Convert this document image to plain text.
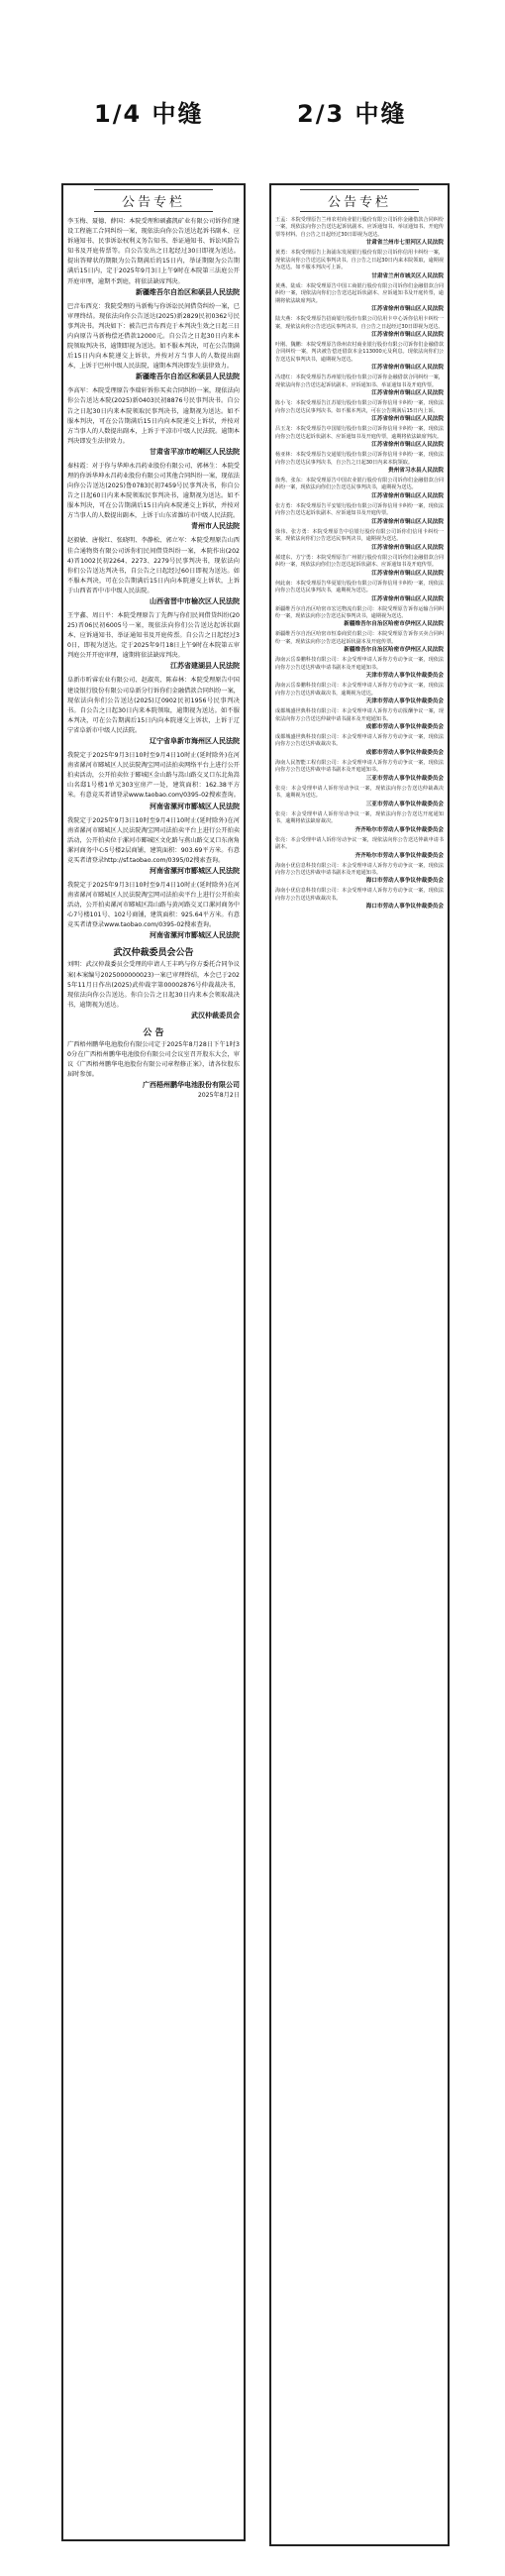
1/4 中缝	2/3 中缝
公告专栏
李玉梅、聂德、薛国：本院受理和硕鑫凯矿业有限公司诉你们建设工程施工合同纠纷一案，现依法向你公告送达起诉书副本、应诉通知书、民事诉讼权利义务告知书、举证通知书、诉讼风险告知书及开庭传票等。自公告发出之日起经过30日即视为送达。提出答辩状的期限为公告期满后的15日内，举证期限为公告期满后15日内，定于2025年9月3日上午9时在本院第三法庭公开开庭审理，逾期不到庭，将依法缺席判决。
新疆维吾尔自治区和硕县人民法院
巴音布西克：我院受理的马新梅与你诉讼民间借贷纠纷一案，已审理终结。现依法向你公告送达(2025)新2829民初0362号民事判决书。判决如下：被告巴音布西克于本判决生效之日起三日内向原告马新梅偿还借款12000元。自公告之日起30日内来本院领取判决书，逾期即视为送达。如不服本判决，可在公告期满后15日内向本院递交上诉状，并按对方当事人的人数提出副本，上诉于巴州中级人民法院，逾期本判决即发生法律效力。
新疆维吾尔自治区和硕县人民法院
李高军：本院受理原告李瑞轩诉你买卖合同纠纷一案，现依法向你公告送达本院(2025)新0403民初8876号民事判决书。自公告之日起30日内来本院领取民事判决书，逾期视为送达。如不服本判决，可在公告期满后15日内向本院递交上诉状，并按对方当事人的人数提出副本，上诉于平凉市中级人民法院。逾期本判决即发生法律效力。
甘肃省平凉市崆峒区人民法院
秦桂霞：对于你与华坤永昌药业股份有限公司、郭林生：本院受理的你诉华坤永昌药业股份有限公司其他合同纠纷一案，现依法向你公告送达(2025)鲁0783民初7459号民事判决书，你自公告之日起60日内来本院领取民事判决书，逾期视为送达。如不服本判决，可在公告期满后15日内向本院递交上诉状，并按对方当事人的人数提出副本，上诉于山东省潍坊市中级人民法院。
青州市人民法院
赵毅敏、唐俊红、张晓明、李静松、郭立军：本院受理原告山西佳合通物资有限公司诉你们民间借贷纠纷一案，本院作出(2024)晋1002民初2264、2273、2279号民事判决书，现依法向你们公告送达判决书，自公告之日起经过60日即视为送达。如不服本判决，可在公告期满后15日内向本院递交上诉状，上诉于山西省晋中市中级人民法院。
山西省晋中市榆次区人民法院
王宇鑫、周日平：本院受理原告丁先辉与你们民间借贷纠纷(2025)晋06民初6005号一案，现依法向你们公告送达起诉状副本、应诉通知书、举证通知书及开庭传票。自公告之日起经过30日，即视为送达。定于2025年9月18日上午9时在本院第五审判庭公开开庭审理，逾期将依法缺席判决。
江苏省建湖县人民法院
阜新市昕睿农业有限公司、赵淑英、陈春林：本院受理原告中国建设银行股份有限公司阜新分行诉你们金融借款合同纠纷一案，现依法向你们公告送达(2025)辽0902民初1956号民事判决书。自公告之日起30日内来本院领取，逾期视为送达。如不服本判决，可在公告期满后15日内向本院递交上诉状，上诉于辽宁省阜新市中级人民法院。
辽宁省阜新市海州区人民法院
我院定于2025年9月3日10时至9月4日10时止(延时除外)在河南省漯河市郾城区人民法院淘宝网司法拍卖网络平台上进行公开拍卖活动，公开拍卖位于郾城区金山路与嵩山路交叉口东北角嵩山名邸1号楼1单元303室房产一处，建筑面积：162.38平方米。有意竞买者请登录www.taobao.com/0395-02搜索查询。
河南省漯河市郾城区人民法院
我院定于2025年9月3日10时至9月4日10时止(延时除外)在河南省漯河市郾城区人民法院淘宝网司法拍卖平台上进行公开拍卖活动，公开拍卖位于漯河市郾城区文化路与燕山路交叉口东南角漯河商务中心5号楼2层商铺，建筑面积：903.69平方米。有意竞买者请登录http://sf.taobao.com/0395/02搜索查询。
河南省漯河市郾城区人民法院
我院定于2025年9月3日10时至9月4日10时止(延时除外)在河南省漯河市郾城区人民法院淘宝网司法拍卖平台上进行公开拍卖活动，公开拍卖漯河市郾城区嵩山路与黄河路交叉口漯河商务中心7号楼101号、102号商铺，建筑面积：925.64平方米。有意竞买者请登录www.taobao.com/0395-02搜索查询。
河南省漯河市郾城区人民法院
武汉仲裁委员会公告
刘明：武汉仲裁委员会受理的申请人王丰鸣与你方委托合同争议案(本案编号2025000000023)一案已审理终结，本会已于2025年11月日作出(2025)武仲裁字第00002876号仲裁裁决书，现依法向你公告送达。你自公告之日起30日内来本会领取裁决书，逾期视为送达。
武汉仲裁委员会
公 告
广西梧州鹏华电池股份有限公司定于2025年8月28日下午1时30分在广西梧州鹏华电池股份有限公司会议室召开股东大会，审议《广西梧州鹏华电池股份有限公司章程修正案》，请各位股东届时参加。
广西梧州鹏华电池股份有限公司
2025年8月2日
公告专栏
王孟：本院受理原告兰州农村商业银行股份有限公司诉你金融借款合同纠纷一案，现依法向你公告送达起诉状副本、应诉通知书、举证通知书、开庭传票等材料。自公告之日起经过30日即视为送达。
甘肃省兰州市七里河区人民法院
黄勇：本院受理原告上海浦东发展银行股份有限公司诉你信用卡纠纷一案，现依法向你公告送达民事判决书。自公告之日起30日内来本院领取，逾期视为送达。如不服本判决可上诉。
甘肃省兰州市城关区人民法院
黄燕、陆成：本院受理原告中国工商银行股份有限公司诉你们金融借款合同纠纷一案，现依法向你们公告送达起诉状副本、应诉通知书及开庭传票，逾期将依法缺席判决。
江苏省徐州市铜山区人民法院
陆夫燕：本院受理原告招商银行股份有限公司信用卡中心诉你信用卡纠纷一案，现依法向你公告送达民事判决书，自公告之日起经过30日即视为送达。
江苏省徐州市铜山区人民法院
叶刚、魏鹏：本院受理原告徐州农村商业银行股份有限公司诉你们金融借款合同纠纷一案，判决被告偿还借款本金113000元及利息。现依法向你们公告送达民事判决书，逾期视为送达。
江苏省徐州市铜山区人民法院
冯建红：本院受理原告苏州银行股份有限公司诉你金融借款合同纠纷一案，现依法向你公告送达起诉状副本、应诉通知书、举证通知书及开庭传票。
江苏省徐州市铜山区人民法院
陈小飞：本院受理原告江苏银行股份有限公司诉你信用卡纠纷一案，现依法向你公告送达民事判决书。如不服本判决，可在公告期满后15日内上诉。
江苏省徐州市铜山区人民法院
吕玉龙：本院受理原告中国银行股份有限公司诉你信用卡纠纷一案，现依法向你公告送达起诉状副本、应诉通知书及开庭传票，逾期将依法缺席判决。
江苏省徐州市铜山区人民法院
杨亚林：本院受理原告交通银行股份有限公司诉你信用卡纠纷一案，现依法向你公告送达民事判决书，自公告之日起30日内来本院领取。
贵州省习水县人民法院
徐秀、张东：本院受理原告中国农业银行股份有限公司诉你们金融借款合同纠纷一案，现依法向你们公告送达民事判决书，逾期视为送达。
江苏省徐州市铜山区人民法院
张方勇：本院受理原告平安银行股份有限公司诉你信用卡纠纷一案，现依法向你公告送达起诉状副本、应诉通知书及开庭传票。
江苏省徐州市铜山区人民法院
徐伟、张方勇：本院受理原告中信银行股份有限公司诉你们信用卡纠纷一案，现依法向你们公告送达民事判决书，逾期视为送达。
江苏省徐州市铜山区人民法院
郝建东、方宁勇：本院受理原告广州银行股份有限公司诉你们金融借款合同纠纷一案，现依法向你们公告送达起诉状副本、应诉通知书及开庭传票。
江苏省徐州市铜山区人民法院
何此南：本院受理原告华夏银行股份有限公司诉你信用卡纠纷一案，现依法向你公告送达民事判决书，逾期视为送达。
江苏省徐州市铜山区人民法院
新疆维吾尔自治区哈密市宏达物流有限公司：本院受理原告诉你运输合同纠纷一案，现依法向你公告送达民事判决书，逾期视为送达。
新疆维吾尔自治区哈密市伊州区人民法院
新疆维吾尔自治区哈密市恒泰商贸有限公司：本院受理原告诉你买卖合同纠纷一案，现依法向你公告送达起诉状副本及开庭传票。
新疆维吾尔自治区哈密市伊州区人民法院
海南云岳泰鹏科技有限公司：本会受理申请人诉你方劳动争议一案，现依法向你方公告送达仲裁申请书副本及开庭通知书。
天津市劳动人事争议仲裁委员会
海南云岳泰鹏科技有限公司：本会受理申请人诉你方劳动争议一案，现依法向你方公告送达仲裁裁决书，逾期视为送达。
天津市劳动人事争议仲裁委员会
成都城盛世典科技有限公司：本会受理申请人诉你方劳动报酬争议一案，现依法向你方公告送达仲裁申请书副本及开庭通知书。
成都市劳动人事争议仲裁委员会
成都城盛世典科技有限公司：本会受理申请人诉你方劳动争议一案，现依法向你方公告送达仲裁裁决书。
成都市劳动人事争议仲裁委员会
海南人民智能工程有限公司：本会受理申请人诉你方劳动争议一案，现依法向你方公告送达仲裁申请书副本及开庭通知书。
三亚市劳动人事争议仲裁委员会
张亮：本会受理申请人诉你劳动争议一案，现依法向你公告送达仲裁裁决书，逾期视为送达。
三亚市劳动人事争议仲裁委员会
张亮：本会受理申请人诉你劳动争议一案，现依法向你公告送达开庭通知书，逾期将依法缺席裁决。
齐齐哈尔市劳动人事争议仲裁委员会
张亮：本会受理申请人诉你劳动争议一案，现依法向你公告送达仲裁申请书副本。
齐齐哈尔市劳动人事争议仲裁委员会
海南小优信息科技有限公司：本会受理申请人诉你方劳动争议一案，现依法向你方公告送达仲裁申请书副本及开庭通知书。
海口市劳动人事争议仲裁委员会
海南小优信息科技有限公司：本会受理申请人诉你方劳动争议一案，现依法向你方公告送达仲裁裁决书。
海口市劳动人事争议仲裁委员会
